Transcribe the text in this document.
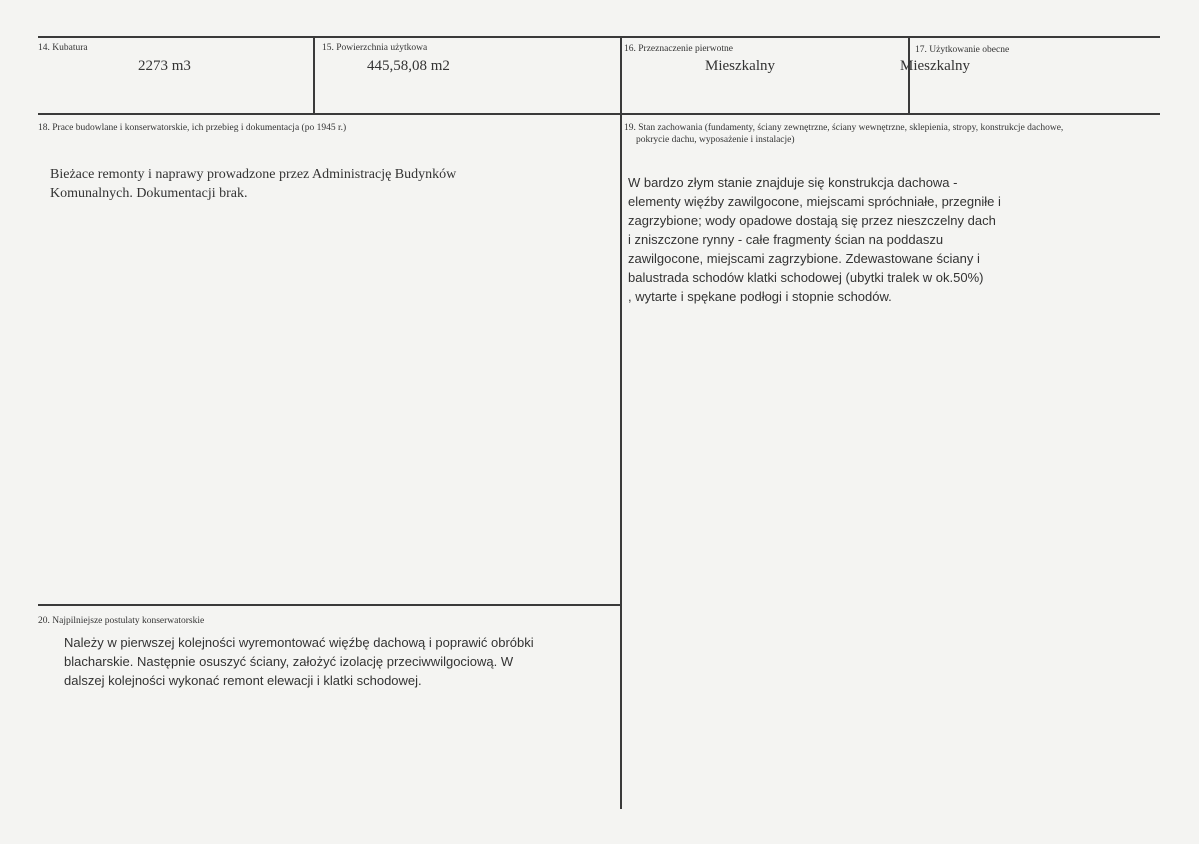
14. Kubatura
2273 m3
15. Powierzchnia użytkowa
445,58,08 m2
16. Przeznaczenie pierwotne
Mieszkalny
17. Użytkowanie obecne
Mieszkalny
18. Prace budowlane i konserwatorskie, ich przebieg i dokumentacja (po 1945 r.)
Bieżace remonty i naprawy prowadzone przez Administrację Budynków
Komunalnych. Dokumentacji brak.
19. Stan zachowania (fundamenty, ściany zewnętrzne, ściany wewnętrzne, sklepienia, stropy, konstrukcje dachowe,
pokrycie dachu, wyposażenie i instalacje)
W bardzo złym stanie znajduje się konstrukcja dachowa -
elementy więźby zawilgocone, miejscami spróchniałe, przegniłe i
zagrzybione; wody opadowe dostają się przez nieszczelny dach
i zniszczone rynny - całe fragmenty ścian na poddaszu
zawilgocone, miejscami zagrzybione. Zdewastowane ściany i
balustrada schodów klatki schodowej (ubytki tralek w ok.50%)
, wytarte i spękane podłogi i stopnie schodów.
20. Najpilniejsze postulaty konserwatorskie
Należy w pierwszej kolejności wyremontować więźbę dachową i poprawić obróbki
blacharskie. Następnie osuszyć ściany, założyć izolację przeciwwilgociową. W
dalszej kolejności wykonać remont elewacji i klatki schodowej.
